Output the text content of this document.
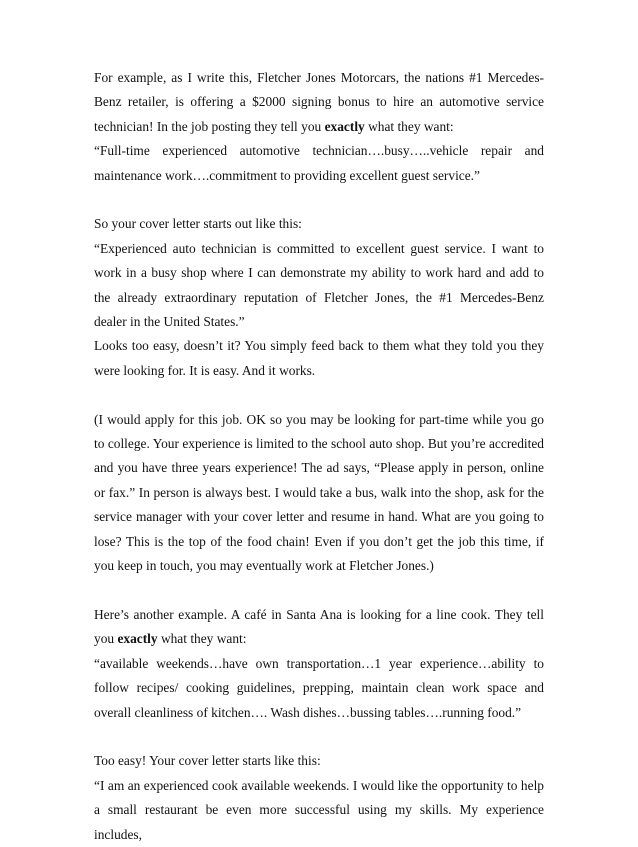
For example, as I write this, Fletcher Jones Motorcars, the nations #1 Mercedes-Benz retailer, is offering a $2000 signing bonus to hire an automotive service technician! In the job posting they tell you exactly what they want:

“Full-time experienced automotive technician….busy…..vehicle repair and maintenance work….commitment to providing excellent guest service.”

So your cover letter starts out like this:

“Experienced auto technician is committed to excellent guest service. I want to work in a busy shop where I can demonstrate my ability to work hard and add to the already extraordinary reputation of Fletcher Jones, the #1 Mercedes-Benz dealer in the United States.”

Looks too easy, doesn’t it? You simply feed back to them what they told you they were looking for. It is easy. And it works.

(I would apply for this job. OK so you may be looking for part-time while you go to college. Your experience is limited to the school auto shop. But you’re accredited and you have three years experience! The ad says, “Please apply in person, online or fax.” In person is always best. I would take a bus, walk into the shop, ask for the service manager with your cover letter and resume in hand. What are you going to lose? This is the top of the food chain! Even if you don’t get the job this time, if you keep in touch, you may eventually work at Fletcher Jones.)

Here’s another example. A café in Santa Ana is looking for a line cook. They tell you exactly what they want:

“available weekends…have own transportation…1 year experience…ability to follow recipes/ cooking guidelines, prepping, maintain clean work space and overall cleanliness of kitchen…. Wash dishes…bussing tables….running food.”

Too easy! Your cover letter starts like this:

“I am an experienced cook available weekends. I would like the opportunity to help a small restaurant be even more successful using my skills. My experience includes,
